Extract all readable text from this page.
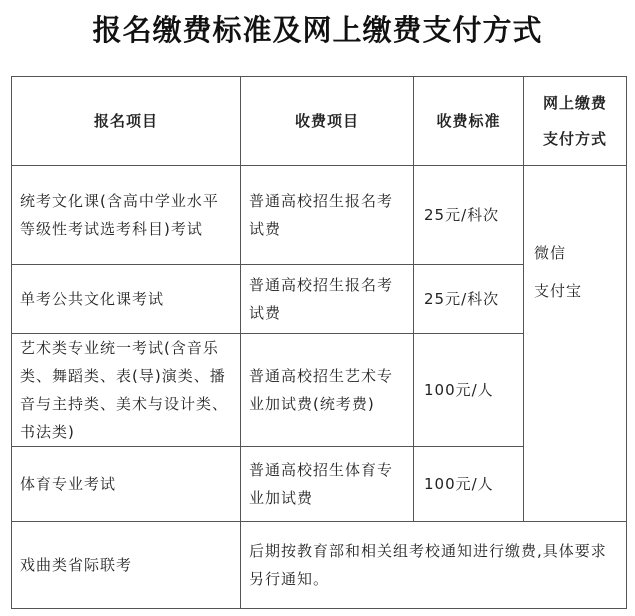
报名缴费标准及网上缴费支付方式
报名项目	收费项目	收费标准	网上缴费
支付方式

统考文化课(含高中学业水平等级性考试选考科目)考试	普通高校招生报名考试费	25元/科次	微信
支付宝

单考公共文化课考试	普通高校招生报名考试费	25元/科次	
艺术类专业统一考试(含音乐类、舞蹈类、表(导)演类、播音与主持类、美术与设计类、书法类)	普通高校招生艺术专业加试费(统考费)	100元/人	
体育专业考试	普通高校招生体育专业加试费	100元/人	
戏曲类省际联考	后期按教育部和相关组考校通知进行缴费,具体要求另行通知。		
